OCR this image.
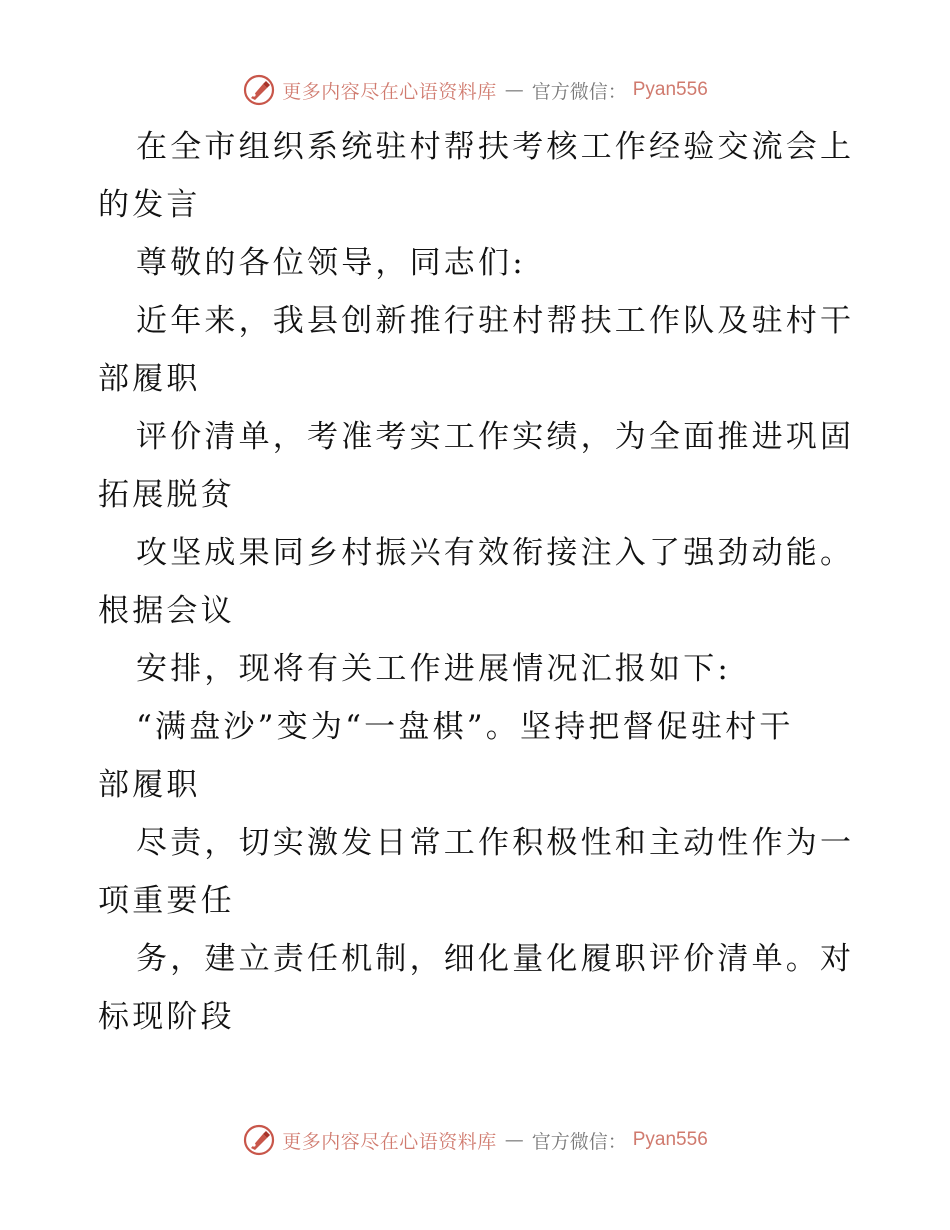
更多内容尽在心语资料库 — 官方微信： Pyan556

在全市组织系统驻村帮扶考核工作经验交流会上

的发言

尊敬的各位领导，同志们:

近年来，我县创新推行驻村帮扶工作队及驻村干

部履职

评价清单，考准考实工作实绩，为全面推进巩固

拓展脱贫

攻坚成果同乡村振兴有效衔接注入了强劲动能。

根据会议

安排，现将有关工作进展情况汇报如下:

“满盘沙”变为“一盘棋”。坚持把督促驻村干

部履职

尽责，切实激发日常工作积极性和主动性作为一

项重要任

务，建立责任机制，细化量化履职评价清单。对

标现阶段

更多内容尽在心语资料库 — 官方微信： Pyan556
